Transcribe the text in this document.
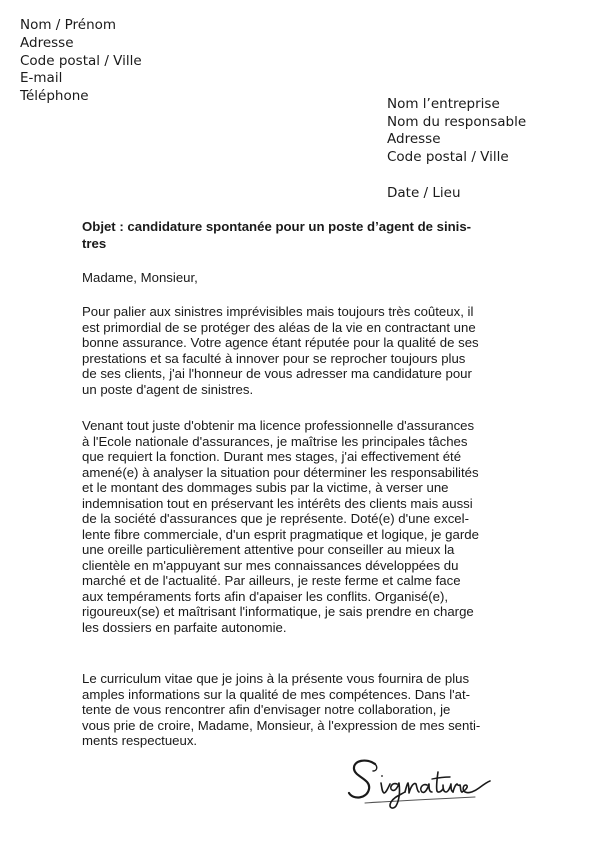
Nom / Prénom
Adresse
Code postal / Ville
E-mail
Téléphone	Nom l’entreprise
Nom du responsable
Adresse
Code postal / Ville
Date / Lieu
Objet : candidature spontanée pour un poste d’agent de sinis-
tres
Madame, Monsieur,
Pour palier aux sinistres imprévisibles mais toujours très coûteux, il
est primordial de se protéger des aléas de la vie en contractant une
bonne assurance. Votre agence étant réputée pour la qualité de ses
prestations et sa faculté à innover pour se reprocher toujours plus
de ses clients, j'ai l'honneur de vous adresser ma candidature pour
un poste d'agent de sinistres.
Venant tout juste d'obtenir ma licence professionnelle d'assurances
à l'Ecole nationale d'assurances, je maîtrise les principales tâches
que requiert la fonction. Durant mes stages, j'ai effectivement été
amené(e) à analyser la situation pour déterminer les responsabilités
et le montant des dommages subis par la victime, à verser une
indemnisation tout en préservant les intérêts des clients mais aussi
de la société d'assurances que je représente. Doté(e) d'une excel-
lente fibre commerciale, d'un esprit pragmatique et logique, je garde
une oreille particulièrement attentive pour conseiller au mieux la
clientèle en m'appuyant sur mes connaissances développées du
marché et de l'actualité. Par ailleurs, je reste ferme et calme face
aux tempéraments forts afin d'apaiser les conflits. Organisé(e),
rigoureux(se) et maîtrisant l'informatique, je sais prendre en charge
les dossiers en parfaite autonomie.
Le curriculum vitae que je joins à la présente vous fournira de plus
amples informations sur la qualité de mes compétences. Dans l'at-
tente de vous rencontrer afin d'envisager notre collaboration, je
vous prie de croire, Madame, Monsieur, à l'expression de mes senti-
ments respectueux.
